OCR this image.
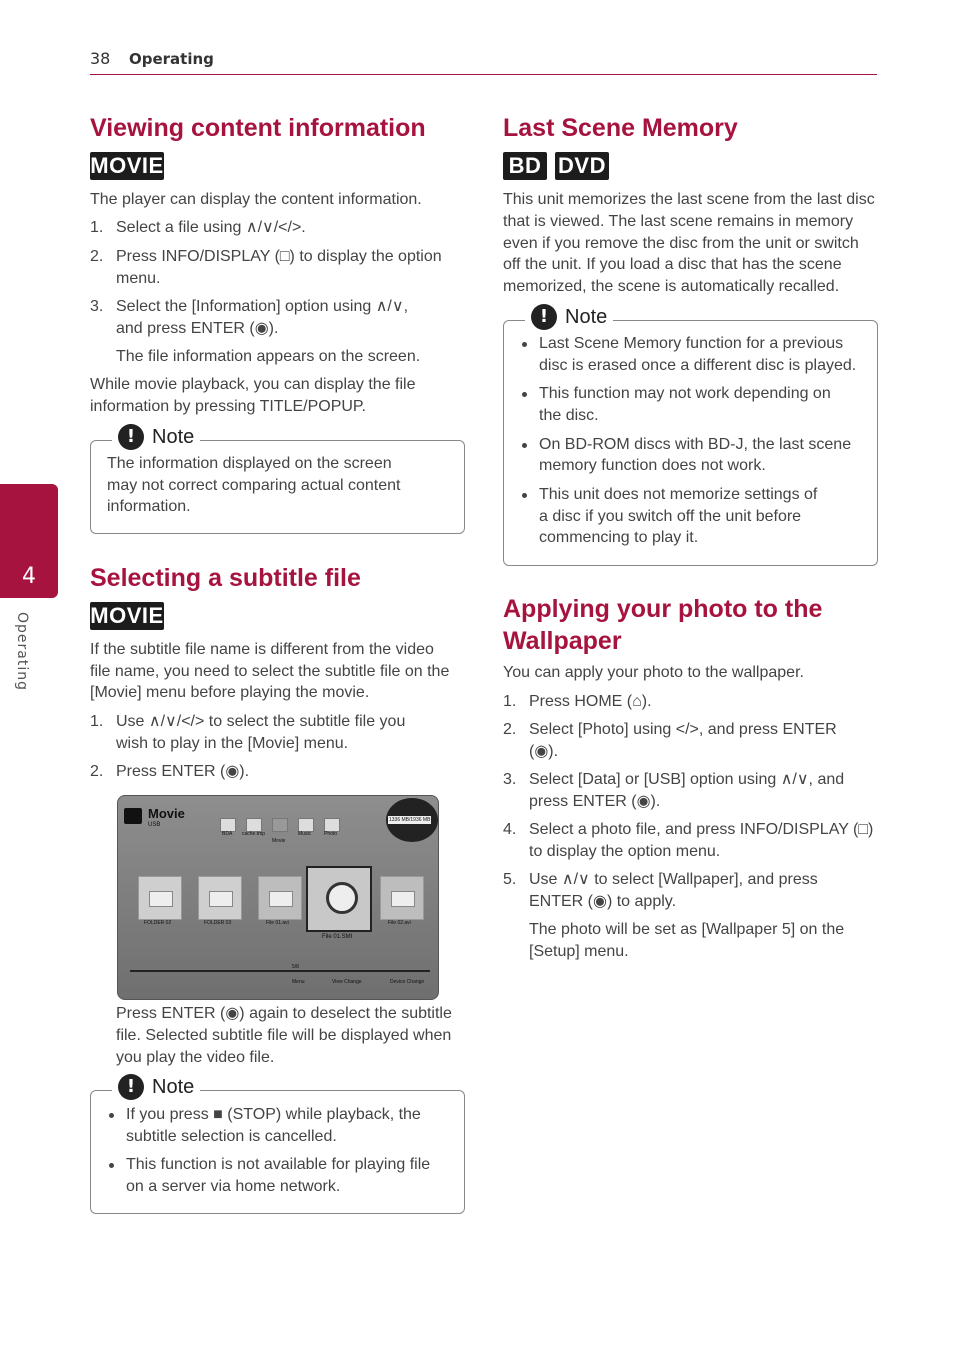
38 Operating
4
Operating
Viewing content information
MOVIE

The player can display the content information.

1. Select a file using ∧/∨/</>.

2. Press INFO/DISPLAY (□) to display the option

menu.

3. Select the [Information] option using ∧/∨,

and press ENTER (◉).

The file information appears on the screen.

While movie playback, you can display the file

information by pressing TITLE/POPUP.

! Note

The information displayed on the screen

may not correct comparing actual content

information.

Selecting a subtitle file
MOVIE

If the subtitle file name is different from the video

file name, you need to select the subtitle file on the

[Movie] menu before playing the movie.

1. Use ∧/∨/</> to select the subtitle file you

wish to play in the [Movie] menu.

2. Press ENTER (◉).

Movie
USB
1336 MB/1936 MB
BDA cache.tmp
Movie
Music	Photo
FOLDER 02	FOLDER 03	File 01.avi
File 01.SMI
File 02.avi
5/8
Menu	View Change	Device Change

Press ENTER (◉) again to deselect the subtitle

file. Selected subtitle file will be displayed when

you play the video file.

! Note

If you press ■ (STOP) while playback, the

subtitle selection is cancelled.

This function is not available for playing file

on a server via home network.

Last Scene Memory
BD DVD

This unit memorizes the last scene from the last disc

that is viewed. The last scene remains in memory

even if you remove the disc from the unit or switch

off the unit. If you load a disc that has the scene

memorized, the scene is automatically recalled.

! Note

Last Scene Memory function for a previous

disc is erased once a different disc is played.

This function may not work depending on

the disc.

On BD-ROM discs with BD-J, the last scene

memory function does not work.

This unit does not memorize settings of

a disc if you switch off the unit before

commencing to play it.

Applying your photo to the
Wallpaper

You can apply your photo to the wallpaper.

1. Press HOME (⌂).

2. Select [Photo] using </>, and press ENTER

(◉).

3. Select [Data] or [USB] option using ∧/∨, and

press ENTER (◉).

4. Select a photo file, and press INFO/DISPLAY (□)

to display the option menu.

5. Use ∧/∨ to select [Wallpaper], and press

ENTER (◉) to apply.

The photo will be set as [Wallpaper 5] on the

[Setup] menu.
